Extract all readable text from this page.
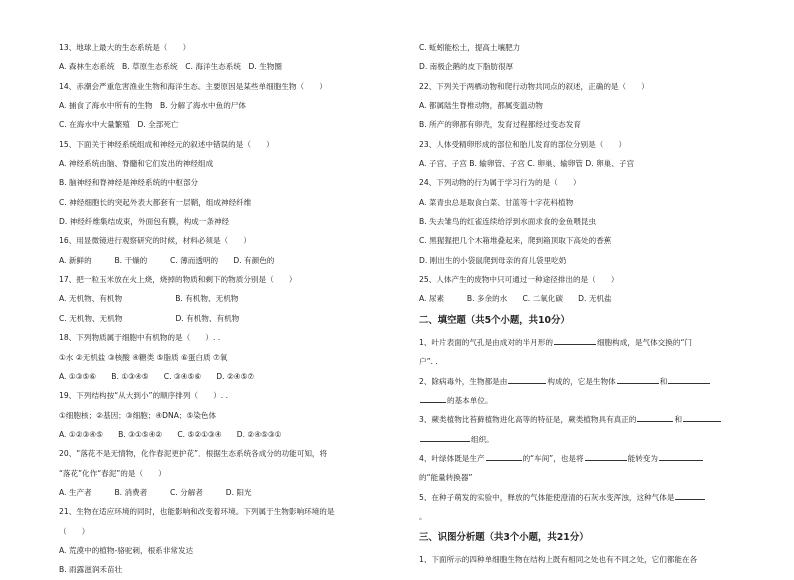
13、地球上最大的生态系统是（　　）
A. 森林生态系统　B. 草原生态系统　C. 海洋生态系统　D. 生物圈
14、赤潮会严重危害渔业生物和海洋生态。主要原因是某些单细胞生物（　　）
A. 捕食了海水中所有的生物　B. 分解了海水中鱼的尸体
C. 在海水中大量繁殖　D. 全部死亡
15、下面关于神经系统组成和神经元的叙述中错误的是（　　）
A. 神经系统由脑、脊髓和它们发出的神经组成
B. 脑神经和脊神经是神经系统的中枢部分
C. 神经细胞长的突起外表大都套有一层鞘，组成神经纤维
D. 神经纤维集结成束，外面包有膜，构成一条神经
16、用显微镜进行观察研究的时候，材料必须是（　　）
A. 新鲜的　　　B. 干燥的　　　C. 薄而透明的　　D. 有颜色的
17、把一粒玉米放在火上烧，烧掉的物质和剩下的物质分别是（　　）
A. 无机物、有机物　　　　　　　B. 有机物、无机物
C. 无机物、无机物　　　　　　　D. 有机物、有机物
18、下列物质属于细胞中有机物的是（　　）. .
①水 ②无机盐 ③核酸 ④糖类 ⑤脂质 ⑥蛋白质 ⑦氧
A. ①③⑤⑥　　B. ①③④⑤　　C. ③④⑤⑥　　D. ②④⑤⑦
19、下列结构按“从大到小”的顺序排列（　　）. .
①细胞核；②基因；③细胞；④DNA；⑤染色体
A. ①②③④⑤　　B. ③①⑤④②　　C. ⑤②①③④　　D. ②④⑤③①
20、“落花不是无情物，化作春泥更护花”．根据生态系统各成分的功能可知，将
“落花”化作“春泥”的是（　　）
A. 生产者　　　B. 消费者　　　C. 分解者　　　D. 阳光
21、生物在适应环境的同时，也能影响和改变着环境。下列属于生物影响环境的是
（　　）
A. 荒漠中的植物-骆驼刺，根系非常发达
B. 雨露滋润禾苗壮
C. 蚯蚓能松土，提高土壤肥力
D. 南极企鹅的皮下脂肪很厚
22、下列关于两栖动物和爬行动物共同点的叙述，正确的是（　　）
A. 都属陆生脊椎动物，都属变温动物
B. 所产的卵都有卵壳，发育过程都经过变态发育
23、人体受精卵形成的部位和胎儿发育的部位分别是（　　）
A. 子宫、子宫 B. 输卵管、子宫 C. 卵巢、输卵管 D. 卵巢、子宫
24、下列动物的行为属于学习行为的是（　　）
A. 菜青虫总是取食白菜、甘蓝等十字花科植物
B. 失去雏鸟的红雀连续给浮到水面求食的金鱼喂昆虫
C. 黑猩猩把几个木箱堆叠起来，爬到箱顶取下高处的香蕉
D. 刚出生的小袋鼠爬到母亲的育儿袋里吃奶
25、人体产生的废物中只可通过一种途径排出的是（　　）
A. 尿素　　　B. 多余的水　　C. 二氧化碳　　D. 无机盐
二、填空题（共5个小题，共10分）
1、叶片表面的气孔是由成对的半月形的	细胞构成，是气体交换的“门
户”. .
2、除病毒外，生物都是由	构成的，它是生物体	和
的基本单位。
3、蕨类植物比苔藓植物进化高等的特征是，蕨类植物具有真正的	和
组织。
4、叶绿体既是生产	的“车间”，也是将	能转变为
的“能量转换器”
5、在种子萌发的实验中，释放的气体能使澄清的石灰水变浑浊，这种气体是
。
三、识图分析题（共3个小题，共21分）
1、下面所示的四种单细胞生物在结构上既有相同之处也有不同之处，它们都能在各
